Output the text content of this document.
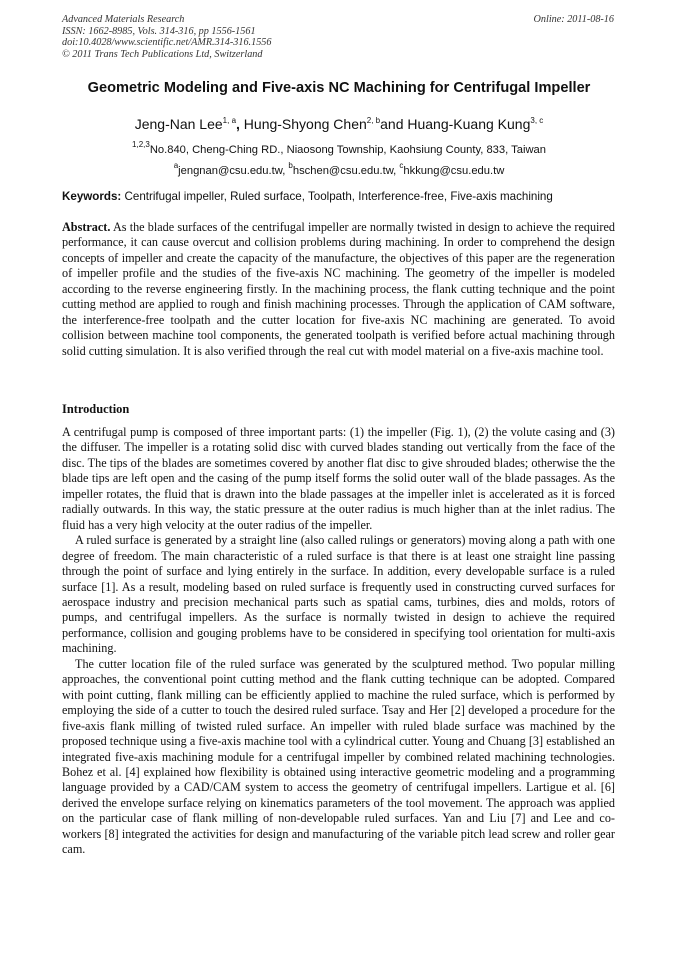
Advanced Materials Research
ISSN: 1662-8985, Vols. 314-316, pp 1556-1561
doi:10.4028/www.scientific.net/AMR.314-316.1556
© 2011 Trans Tech Publications Ltd, Switzerland
Online: 2011-08-16
Geometric Modeling and Five-axis NC Machining for Centrifugal Impeller
Jeng-Nan Lee$^{1, a}$, Hung-Shyong Chen$^{2, b}$and Huang-Kuang Kung$^{3, c}$
$^{1,2,3}$No.840, Cheng-Ching RD., Niaosong Township, Kaohsiung County, 833, Taiwan
$^a$jengnan@csu.edu.tw, $^b$hschen@csu.edu.tw, $^c$hkkung@csu.edu.tw
Keywords: Centrifugal impeller, Ruled surface, Toolpath, Interference-free, Five-axis machining
Abstract. As the blade surfaces of the centrifugal impeller are normally twisted in design to achieve the required performance, it can cause overcut and collision problems during machining. In order to comprehend the design concepts of impeller and create the capacity of the manufacture, the objectives of this paper are the regeneration of impeller profile and the studies of the five-axis NC machining. The geometry of the impeller is modeled according to the reverse engineering firstly. In the machining process, the flank cutting technique and the point cutting method are applied to rough and finish machining processes. Through the application of CAM software, the interference-free toolpath and the cutter location for five-axis NC machining are generated. To avoid collision between machine tool components, the generated toolpath is verified before actual machining through solid cutting simulation. It is also verified through the real cut with model material on a five-axis machine tool.
Introduction

A centrifugal pump is composed of three important parts: (1) the impeller (Fig. 1), (2) the volute casing and (3) the diffuser. The impeller is a rotating solid disc with curved blades standing out vertically from the face of the disc. The tips of the blades are sometimes covered by another flat disc to give shrouded blades; otherwise the the blade tips are left open and the casing of the pump itself forms the solid outer wall of the blade passages. As the impeller rotates, the fluid that is drawn into the blade passages at the impeller inlet is accelerated as it is forced radially outwards. In this way, the static pressure at the outer radius is much higher than at the inlet radius. The fluid has a very high velocity at the outer radius of the impeller.

A ruled surface is generated by a straight line (also called rulings or generators) moving along a path with one degree of freedom. The main characteristic of a ruled surface is that there is at least one straight line passing through the point of surface and lying entirely in the surface. In addition, every developable surface is a ruled surface [1]. As a result, modeling based on ruled surface is frequently used in constructing curved surfaces for aerospace industry and precision mechanical parts such as spatial cams, turbines, dies and molds, rotors of pumps, and centrifugal impellers. As the surface is normally twisted in design to achieve the required performance, collision and gouging problems have to be considered in specifying tool orientation for multi-axis machining.

The cutter location file of the ruled surface was generated by the sculptured method. Two popular milling approaches, the conventional point cutting method and the flank cutting technique can be adopted. Compared with point cutting, flank milling can be efficiently applied to machine the ruled surface, which is performed by employing the side of a cutter to touch the desired ruled surface. Tsay and Her [2] developed a procedure for the five-axis flank milling of twisted ruled surface. An impeller with ruled blade surface was machined by the proposed technique using a five-axis machine tool with a cylindrical cutter. Young and Chuang [3] established an integrated five-axis machining module for a centrifugal impeller by combined related machining technologies. Bohez et al. [4] explained how flexibility is obtained using interactive geometric modeling and a programming language provided by a CAD/CAM system to access the geometry of centrifugal impellers. Lartigue et al. [6] derived the envelope surface relying on kinematics parameters of the tool movement. The approach was applied on the particular case of flank milling of non-developable ruled surfaces. Yan and Liu [7] and Lee and co-workers [8] integrated the activities for design and manufacturing of the variable pitch lead screw and roller gear cam.
